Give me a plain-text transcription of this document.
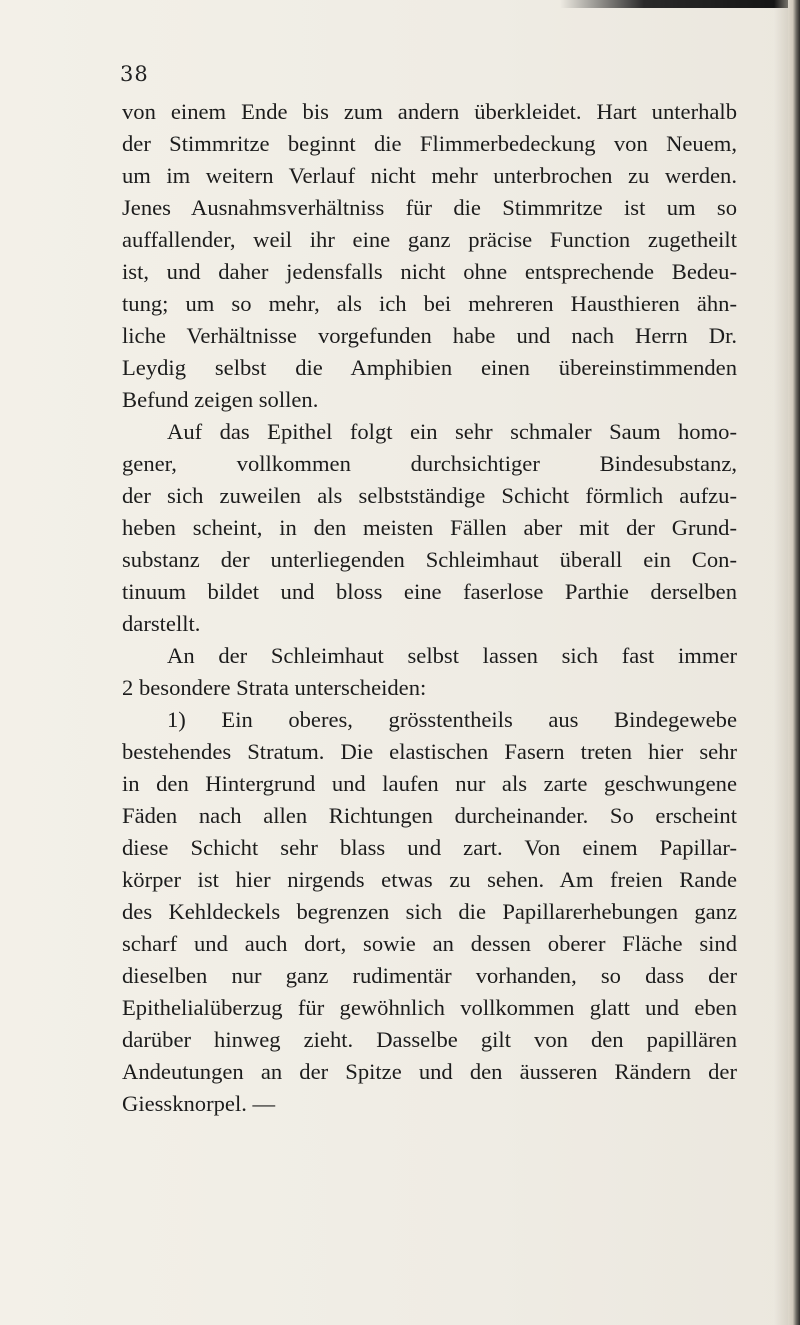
38
von einem Ende bis zum andern überkleidet. Hart unterhalb
der Stimmritze beginnt die Flimmerbedeckung von Neuem,
um im weitern Verlauf nicht mehr unterbrochen zu werden.
Jenes Ausnahmsverhältniss für die Stimmritze ist um so
auffallender, weil ihr eine ganz präcise Function zugetheilt
ist, und daher jedensfalls nicht ohne entsprechende Bedeu-
tung; um so mehr, als ich bei mehreren Hausthieren ähn-
liche Verhältnisse vorgefunden habe und nach Herrn Dr.
Leydig selbst die Amphibien einen übereinstimmenden
Befund zeigen sollen.
Auf das Epithel folgt ein sehr schmaler Saum homo-
gener, vollkommen durchsichtiger Bindesubstanz,
der sich zuweilen als selbstständige Schicht förmlich aufzu-
heben scheint, in den meisten Fällen aber mit der Grund-
substanz der unterliegenden Schleimhaut überall ein Con-
tinuum bildet und bloss eine faserlose Parthie derselben
darstellt.
An der Schleimhaut selbst lassen sich fast immer
2 besondere Strata unterscheiden:
1) Ein oberes, grösstentheils aus Bindegewebe
bestehendes Stratum. Die elastischen Fasern treten hier sehr
in den Hintergrund und laufen nur als zarte geschwungene
Fäden nach allen Richtungen durcheinander. So erscheint
diese Schicht sehr blass und zart. Von einem Papillar-
körper ist hier nirgends etwas zu sehen. Am freien Rande
des Kehldeckels begrenzen sich die Papillarerhebungen ganz
scharf und auch dort, sowie an dessen oberer Fläche sind
dieselben nur ganz rudimentär vorhanden, so dass der
Epithelialüberzug für gewöhnlich vollkommen glatt und eben
darüber hinweg zieht. Dasselbe gilt von den papillären
Andeutungen an der Spitze und den äusseren Rändern der
Giessknorpel. —
